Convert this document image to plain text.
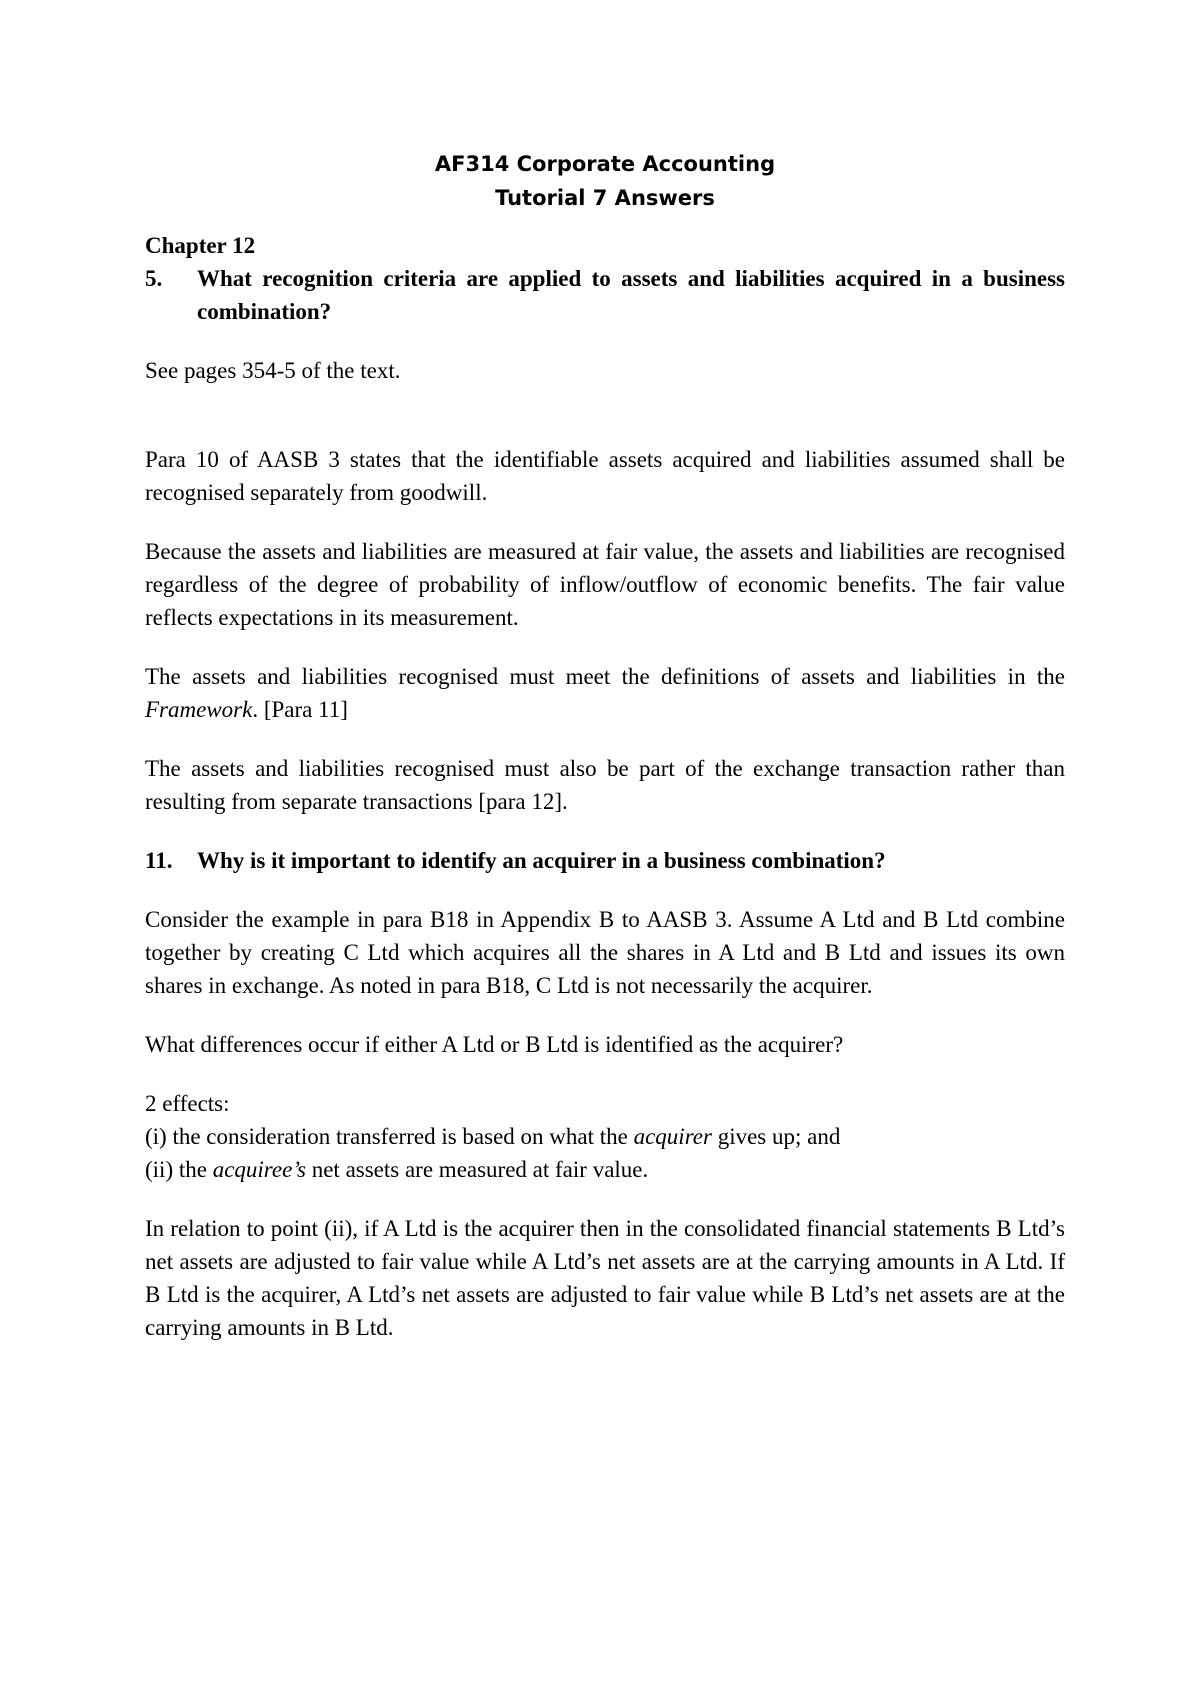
AF314 Corporate Accounting
Tutorial 7 Answers
Chapter 12
5.	What recognition criteria are applied to assets and liabilities acquired in a business combination?

See pages 354-5 of the text.

Para 10 of AASB 3 states that the identifiable assets acquired and liabilities assumed shall be recognised separately from goodwill.

Because the assets and liabilities are measured at fair value, the assets and liabilities are recognised regardless of the degree of probability of inflow/outflow of economic benefits. The fair value reflects expectations in its measurement.

The assets and liabilities recognised must meet the definitions of assets and liabilities in the Framework. [Para 11]

The assets and liabilities recognised must also be part of the exchange transaction rather than resulting from separate transactions [para 12].

11.	Why is it important to identify an acquirer in a business combination?

Consider the example in para B18 in Appendix B to AASB 3. Assume A Ltd and B Ltd combine together by creating C Ltd which acquires all the shares in A Ltd and B Ltd and issues its own shares in exchange. As noted in para B18, C Ltd is not necessarily the acquirer.

What differences occur if either A Ltd or B Ltd is identified as the acquirer?

2 effects:
(i) the consideration transferred is based on what the acquirer gives up; and
(ii) the acquiree’s net assets are measured at fair value.

In relation to point (ii), if A Ltd is the acquirer then in the consolidated financial statements B Ltd’s net assets are adjusted to fair value while A Ltd’s net assets are at the carrying amounts in A Ltd. If B Ltd is the acquirer, A Ltd’s net assets are adjusted to fair value while B Ltd’s net assets are at the carrying amounts in B Ltd.
